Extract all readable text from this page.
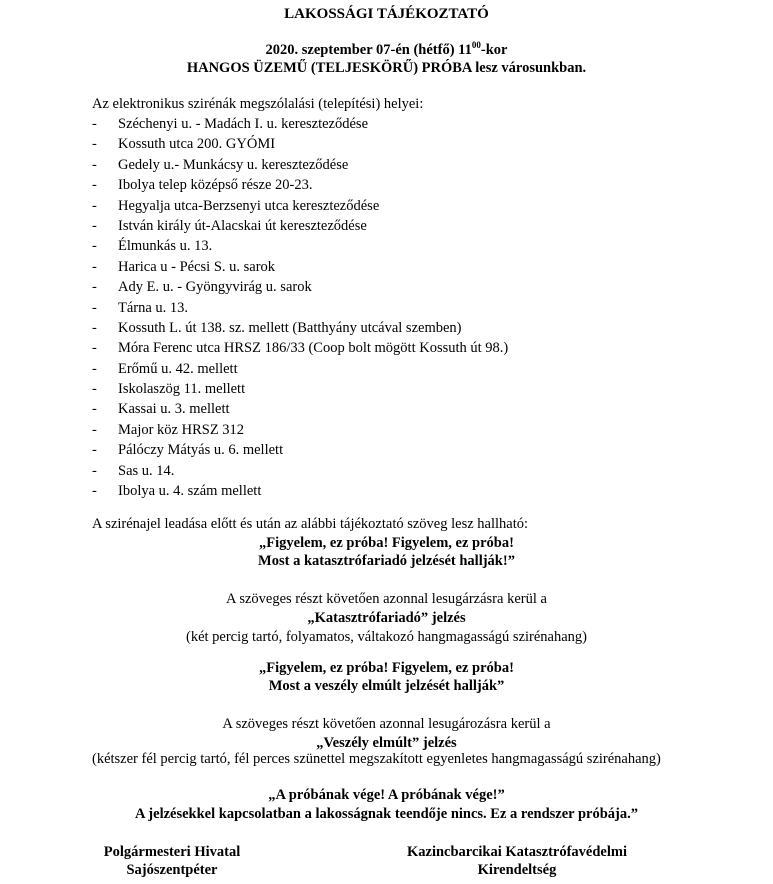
LAKOSSÁGI TÁJÉKOZTATÓ
2020. szeptember 07-én (hétfő) $11^{00}$-kor
HANGOS ÜZEMŰ (TELJESKÖRŰ) PRÓBA lesz városunkban.
Az elektronikus szirénák megszólalási (telepítési) helyei:
- Széchenyi u. - Madách I. u. kereszteződése
- Kossuth utca 200. GYÓMI
- Gedely u.- Munkácsy u. kereszteződése
- Ibolya telep középső része 20-23.
- Hegyalja utca-Berzsenyi utca kereszteződése
- István király út-Alacskai út kereszteződése
- Élmunkás u. 13.
- Harica u - Pécsi S. u. sarok
- Ady E. u. - Gyöngyvirág u. sarok
- Tárna u. 13.
- Kossuth L. út 138. sz. mellett (Batthyány utcával szemben)
- Móra Ferenc utca HRSZ 186/33 (Coop bolt mögött Kossuth út 98.)
- Erőmű u. 42. mellett
- Iskolaszög 11. mellett
- Kassai u. 3. mellett
- Major köz HRSZ 312
- Pálóczy Mátyás u. 6. mellett
- Sas u. 14.
- Ibolya u. 4. szám mellett
A szirénajel leadása előtt és után az alábbi tájékoztató szöveg lesz hallható:
„Figyelem, ez próba! Figyelem, ez próba!
Most a katasztrófariadó jelzését hallják!”
A szöveges részt követően azonnal lesugárzásra kerül a
„Katasztrófariadó” jelzés
(két percig tartó, folyamatos, váltakozó hangmagasságú szirénahang)
„Figyelem, ez próba! Figyelem, ez próba!
Most a veszély elmúlt jelzését hallják”
A szöveges részt követően azonnal lesugározásra kerül a
„Veszély elmúlt” jelzés
(kétszer fél percig tartó, fél perces szünettel megszakított egyenletes hangmagasságú szirénahang)
„A próbának vége! A próbának vége!”
A jelzésekkel kapcsolatban a lakosságnak teendője nincs. Ez a rendszer próbája.”
Polgármesteri Hivatal
Sajószentpéter
Kazincbarcikai Katasztrófavédelmi
Kirendeltség
